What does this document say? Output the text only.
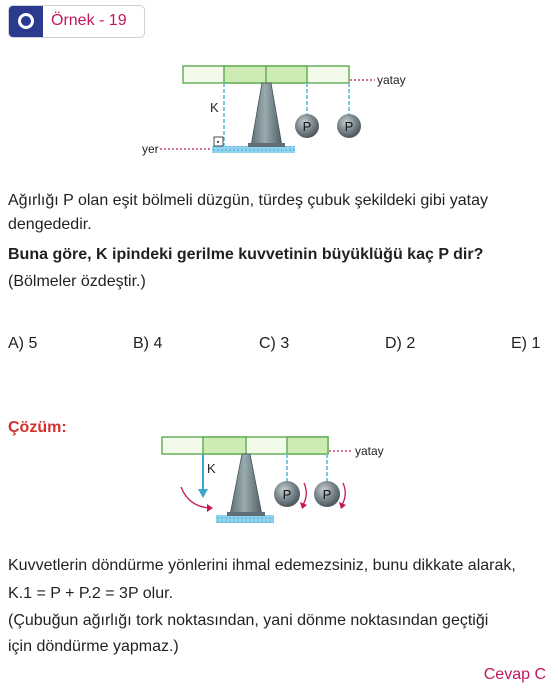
Örnek - 19
yatay
yer
K
P	P
yatay
K
P P
Ağırlığı P olan eşit bölmeli düzgün, türdeş çubuk şekildeki gibi yatay
dengededir.
Buna göre, K ipindeki gerilme kuvvetinin büyüklüğü kaç P dir?
(Bölmeler özdeştir.)
A) 5	B) 4	C) 3	D) 2	E) 1
Çözüm:
Kuvvetlerin döndürme yönlerini ihmal edemezsiniz, bunu dikkate alarak,
K.1 = P + P.2 = 3P olur.
(Çubuğun ağırlığı tork noktasından, yani dönme noktasından geçtiği
için döndürme yapmaz.)
Cevap C
